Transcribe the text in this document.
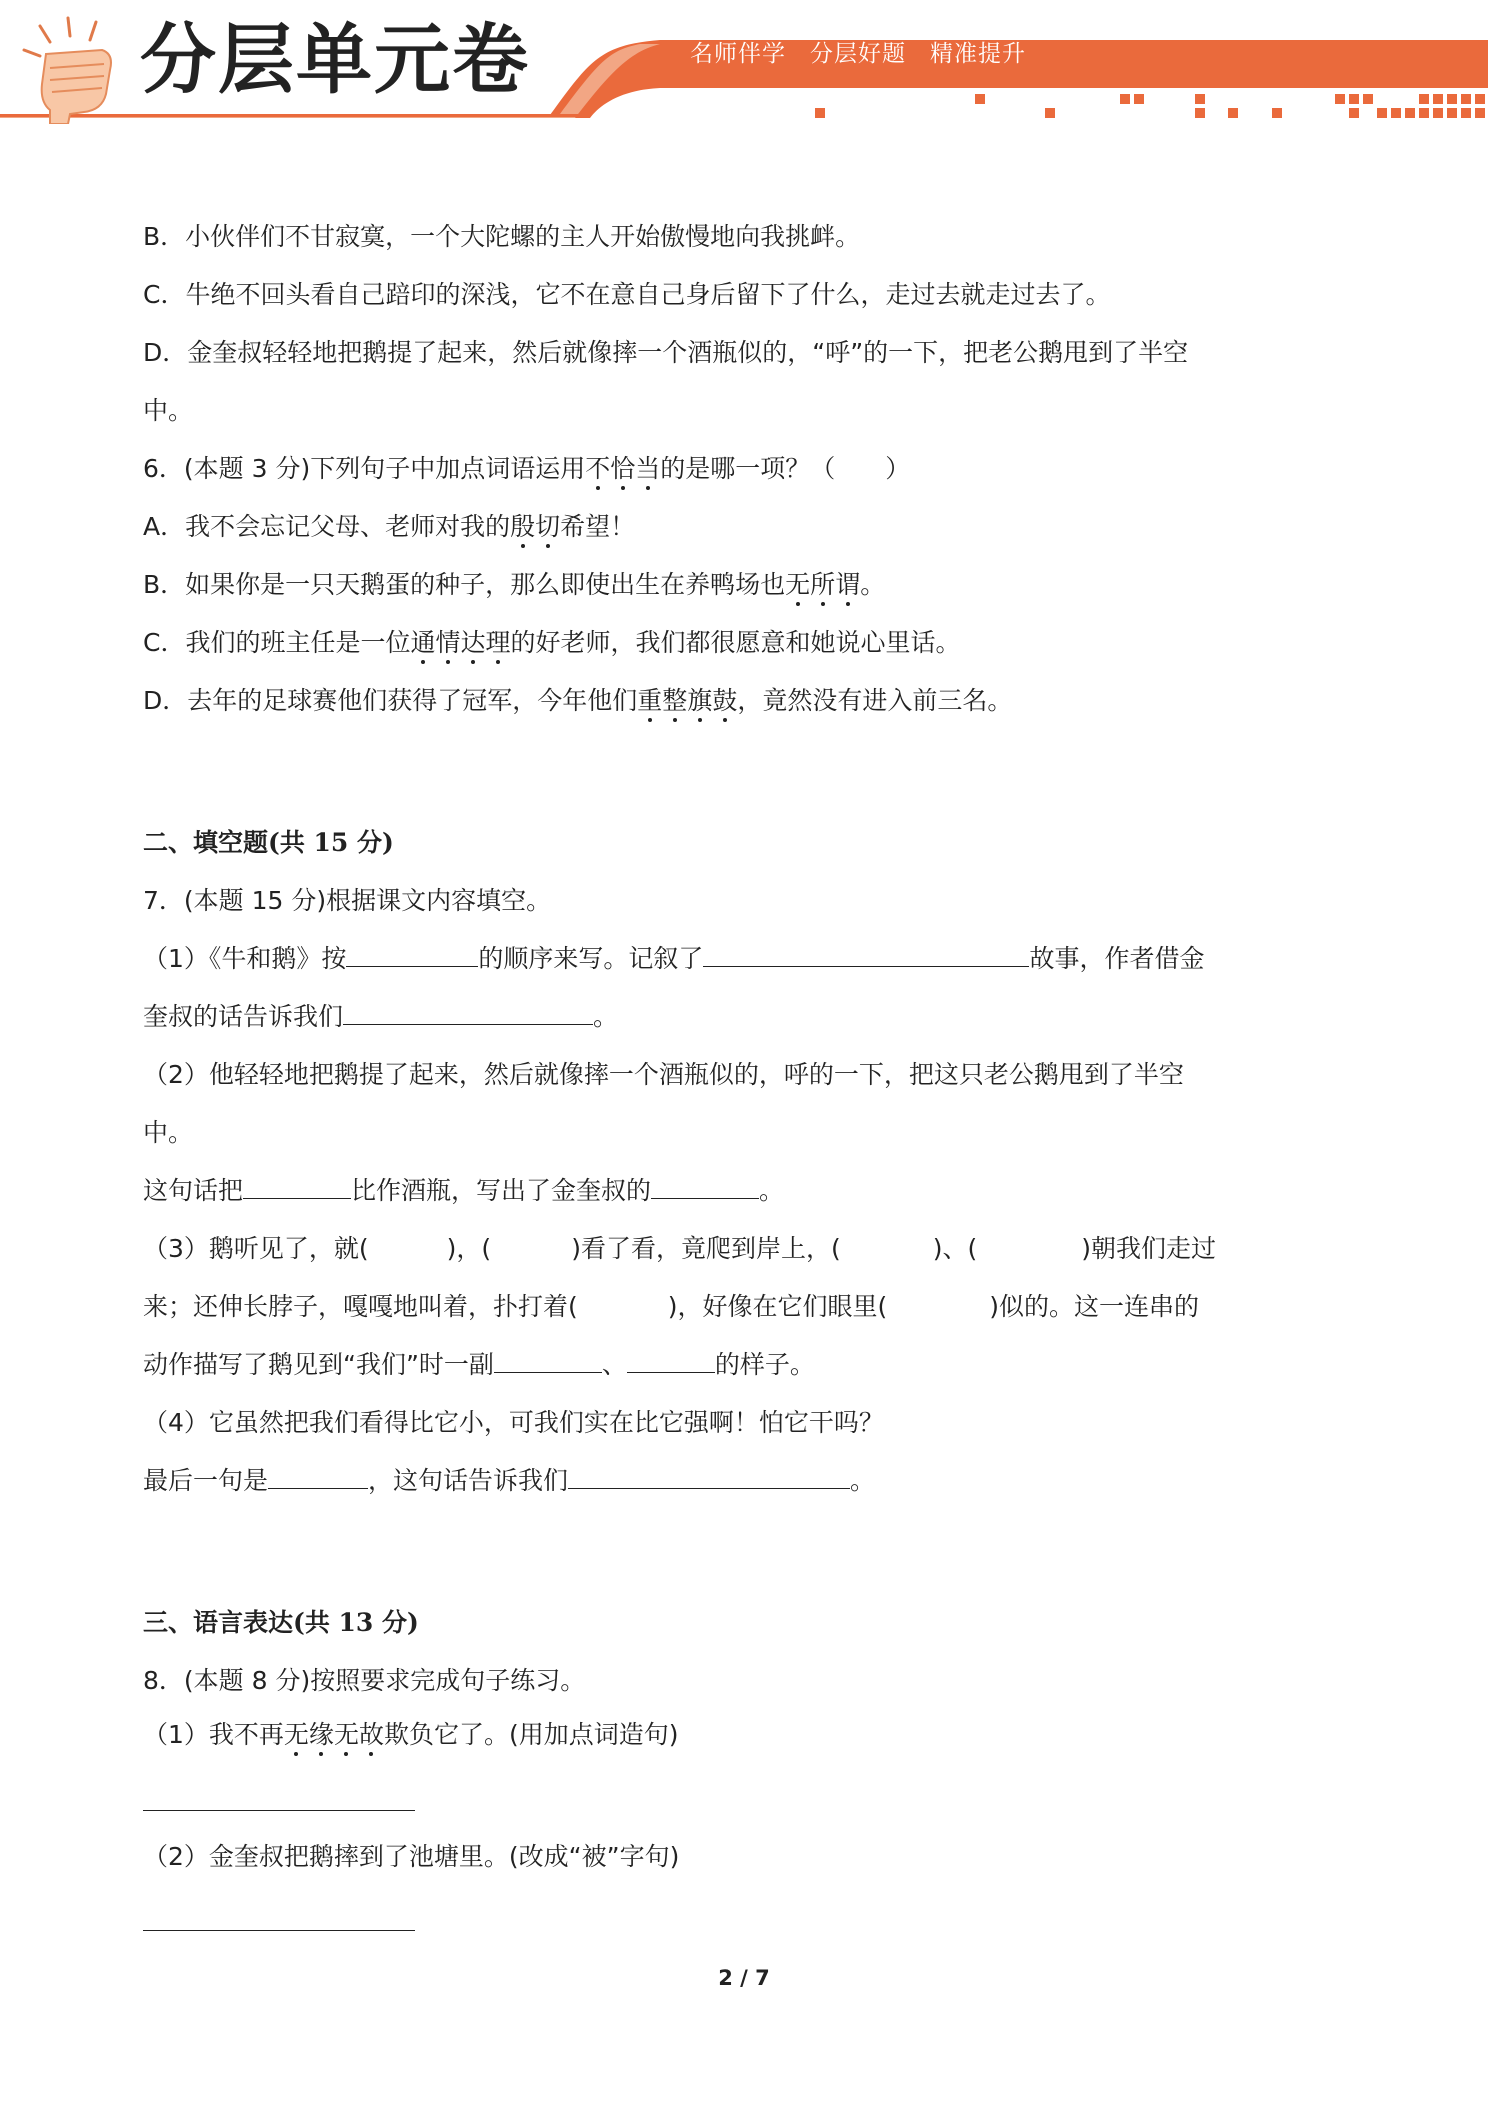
分层单元卷	名师伴学 分层好题 精准提升
B．小伙伴们不甘寂寞，一个大陀螺的主人开始傲慢地向我挑衅。
C．牛绝不回头看自己踣印的深浅，它不在意自己身后留下了什么，走过去就走过去了。
D．金奎叔轻轻地把鹅提了起来，然后就像摔一个酒瓶似的，“呼”的一下，把老公鹅甩到了半空
中。
6．(本题 3 分)下列句子中加点词语运用不恰当的是哪一项？（　　）
A．我不会忘记父母、老师对我的殷切希望！
B．如果你是一只天鹅蛋的种子，那么即使出生在养鸭场也无所谓。
C．我们的班主任是一位通情达理的好老师，我们都很愿意和她说心里话。
D．去年的足球赛他们获得了冠军，今年他们重整旗鼓，竟然没有进入前三名。
二、填空题(共 15 分)
7．(本题 15 分)根据课文内容填空。
（1）《牛和鹅》按	的顺序来写。记叙了	故事，作者借金
奎叔的话告诉我们	。
（2）他轻轻地把鹅提了起来，然后就像摔一个酒瓶似的，呼的一下，把这只老公鹅甩到了半空
中。
这句话把	比作酒瓶，写出了金奎叔的	。
（3）鹅听见了，就(	)，(	)看了看，竟爬到岸上，(	)、(	)朝我们走过
来；还伸长脖子，嘎嘎地叫着，扑打着(	)，好像在它们眼里(	)似的。这一连串的
动作描写了鹅见到“我们”时一副	、	的样子。
（4）它虽然把我们看得比它小，可我们实在比它强啊！怕它干吗？
最后一句是	，这句话告诉我们	。
三、语言表达(共 13 分)
8．(本题 8 分)按照要求完成句子练习。
（1）我不再无缘无故欺负它了。(用加点词造句)
（2）金奎叔把鹅摔到了池塘里。(改成“被”字句)
2 / 7
